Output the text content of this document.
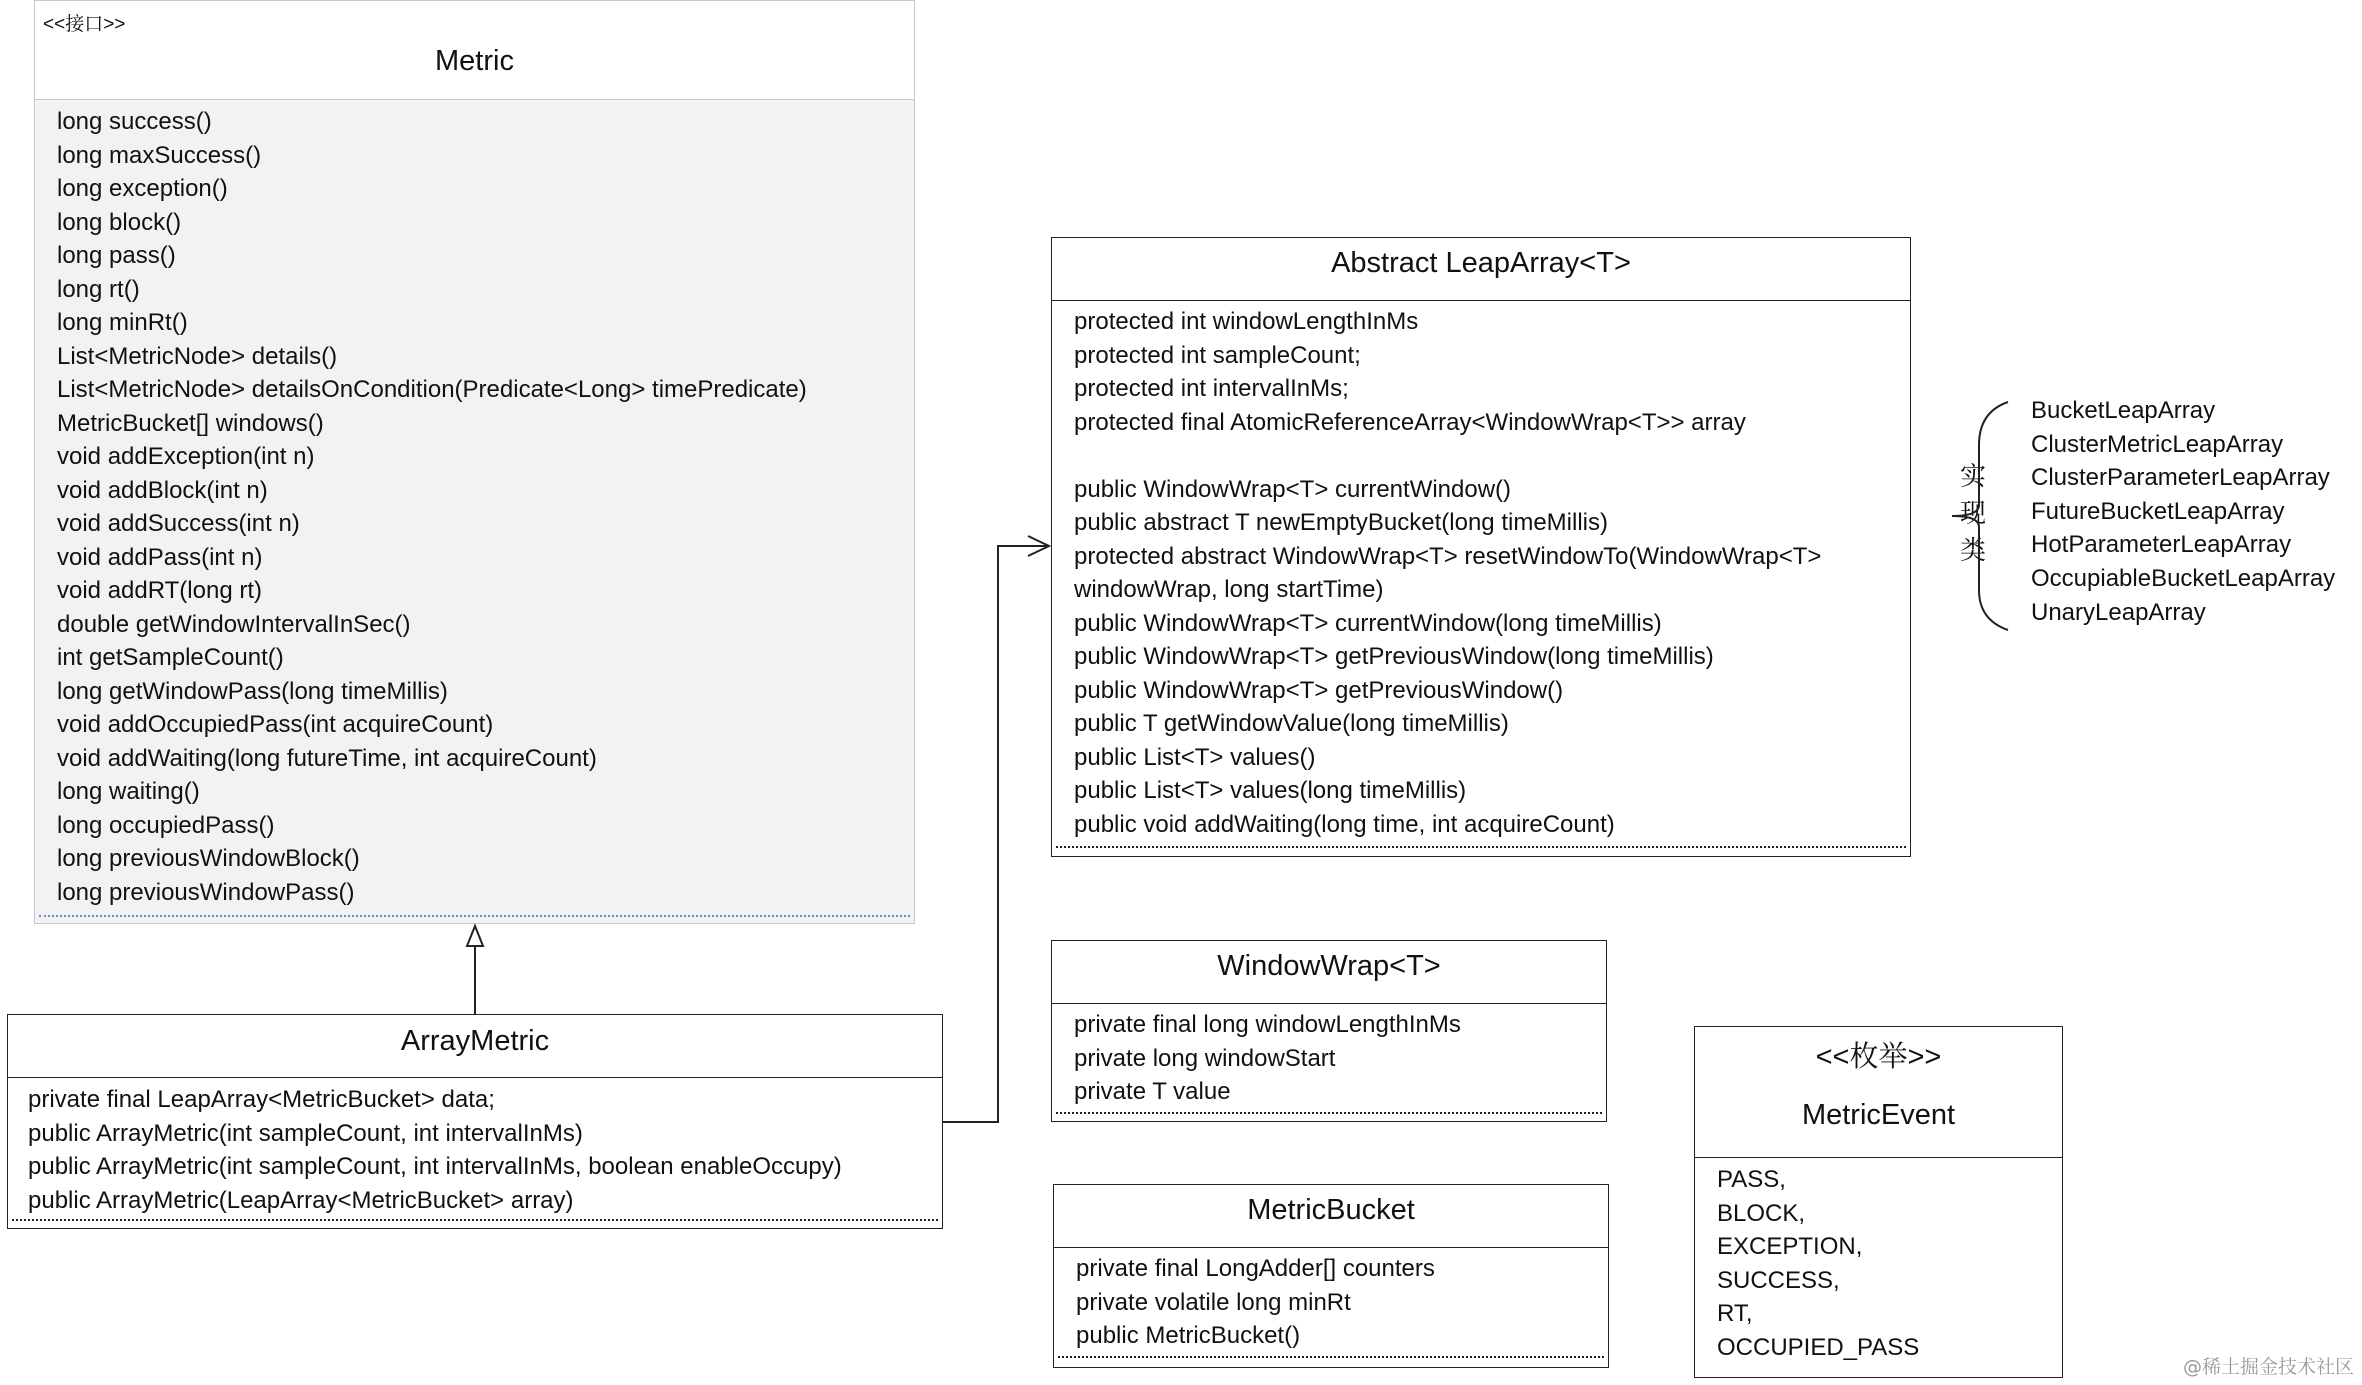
<<接口>>
Metric
long success()
long maxSuccess()
long exception()
long block()
long pass()
long rt()
long minRt()
List<MetricNode> details()
List<MetricNode> detailsOnCondition(Predicate<Long> timePredicate)
MetricBucket[] windows()
void addException(int n)
void addBlock(int n)
void addSuccess(int n)
void addPass(int n)
void addRT(long rt)
double getWindowIntervalInSec()
int getSampleCount()
long getWindowPass(long timeMillis)
void addOccupiedPass(int acquireCount)
void addWaiting(long futureTime, int acquireCount)
long waiting()
long occupiedPass()
long previousWindowBlock()
long previousWindowPass()
ArrayMetric
private final LeapArray<MetricBucket> data;
public ArrayMetric(int sampleCount, int intervalInMs)
public ArrayMetric(int sampleCount, int intervalInMs, boolean enableOccupy)
public ArrayMetric(LeapArray<MetricBucket> array)
Abstract LeapArray<T>
protected int windowLengthInMs
protected int sampleCount;
protected int intervalInMs;
protected final AtomicReferenceArray<WindowWrap<T>> array
public WindowWrap<T> currentWindow()
public abstract T newEmptyBucket(long timeMillis)
protected abstract WindowWrap<T> resetWindowTo(WindowWrap<T>
windowWrap, long startTime)
public WindowWrap<T> currentWindow(long timeMillis)
public WindowWrap<T> getPreviousWindow(long timeMillis)
public WindowWrap<T> getPreviousWindow()
public T getWindowValue(long timeMillis)
public List<T> values()
public List<T> values(long timeMillis)
public void addWaiting(long time, int acquireCount)
实
现
类
BucketLeapArray
ClusterMetricLeapArray
ClusterParameterLeapArray
FutureBucketLeapArray
HotParameterLeapArray
OccupiableBucketLeapArray
UnaryLeapArray
WindowWrap<T>
private final long windowLengthInMs
private long windowStart
private T value
MetricBucket
private final LongAdder[] counters
private volatile long minRt
public MetricBucket()
<<枚举>>
MetricEvent
PASS,
BLOCK,
EXCEPTION,
SUCCESS,
RT,
OCCUPIED_PASS
@稀土掘金技术社区
